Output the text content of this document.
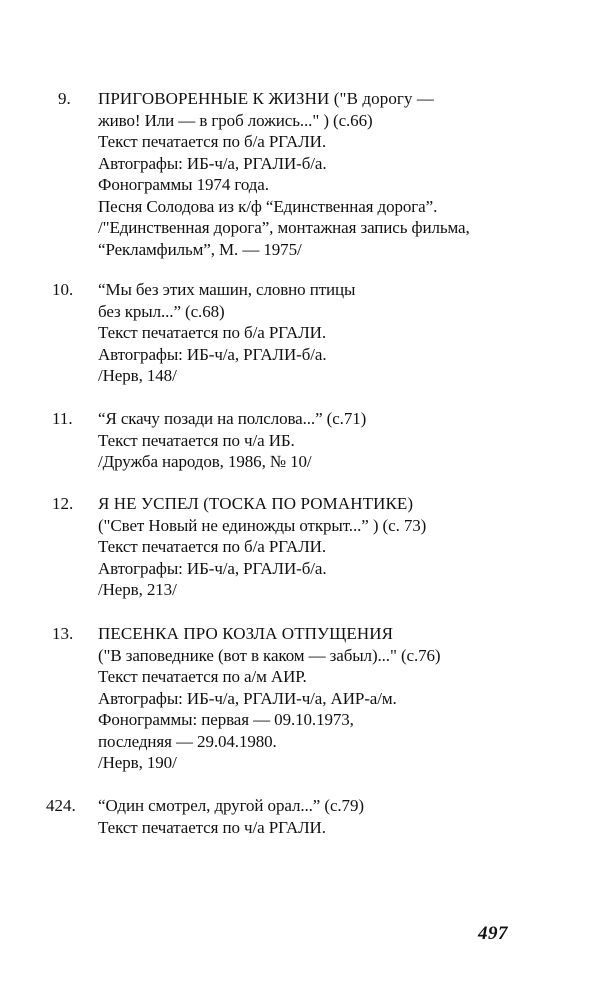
9.	ПРИГОВОРЕННЫЕ К ЖИЗНИ ("В дорогу —
живо! Или — в гроб ложись..." ) (с.66)
Текст печатается по б/а РГАЛИ.
Автографы: ИБ-ч/а, РГАЛИ-б/а.
Фонограммы 1974 года.
Песня Солодова из к/ф “Единственная дорога”.
/"Единственная дорога”, монтажная запись фильма,
“Рекламфильм”, М. — 1975/
10.	“Мы без этих машин, словно птицы
без крыл...” (с.68)
Текст печатается по б/а РГАЛИ.
Автографы: ИБ-ч/а, РГАЛИ-б/а.
/Нерв, 148/
11.	“Я скачу позади на полслова...” (с.71)
Текст печатается по ч/а ИБ.
/Дружба народов, 1986, № 10/
12.	Я НЕ УСПЕЛ (ТОСКА ПО РОМАНТИКЕ)
("Свет Новый не единожды открыт...” ) (с. 73)
Текст печатается по б/а РГАЛИ.
Автографы: ИБ-ч/а, РГАЛИ-б/а.
/Нерв, 213/
13.	ПЕСЕНКА ПРО КОЗЛА ОТПУЩЕНИЯ
("В заповеднике (вот в каком — забыл)..." (с.76)
Текст печатается по а/м АИР.
Автографы: ИБ-ч/а, РГАЛИ-ч/а, АИР-а/м.
Фонограммы: первая — 09.10.1973,
последняя — 29.04.1980.
/Нерв, 190/
424.	“Один смотрел, другой орал...” (с.79)
Текст печатается по ч/а РГАЛИ.
497
